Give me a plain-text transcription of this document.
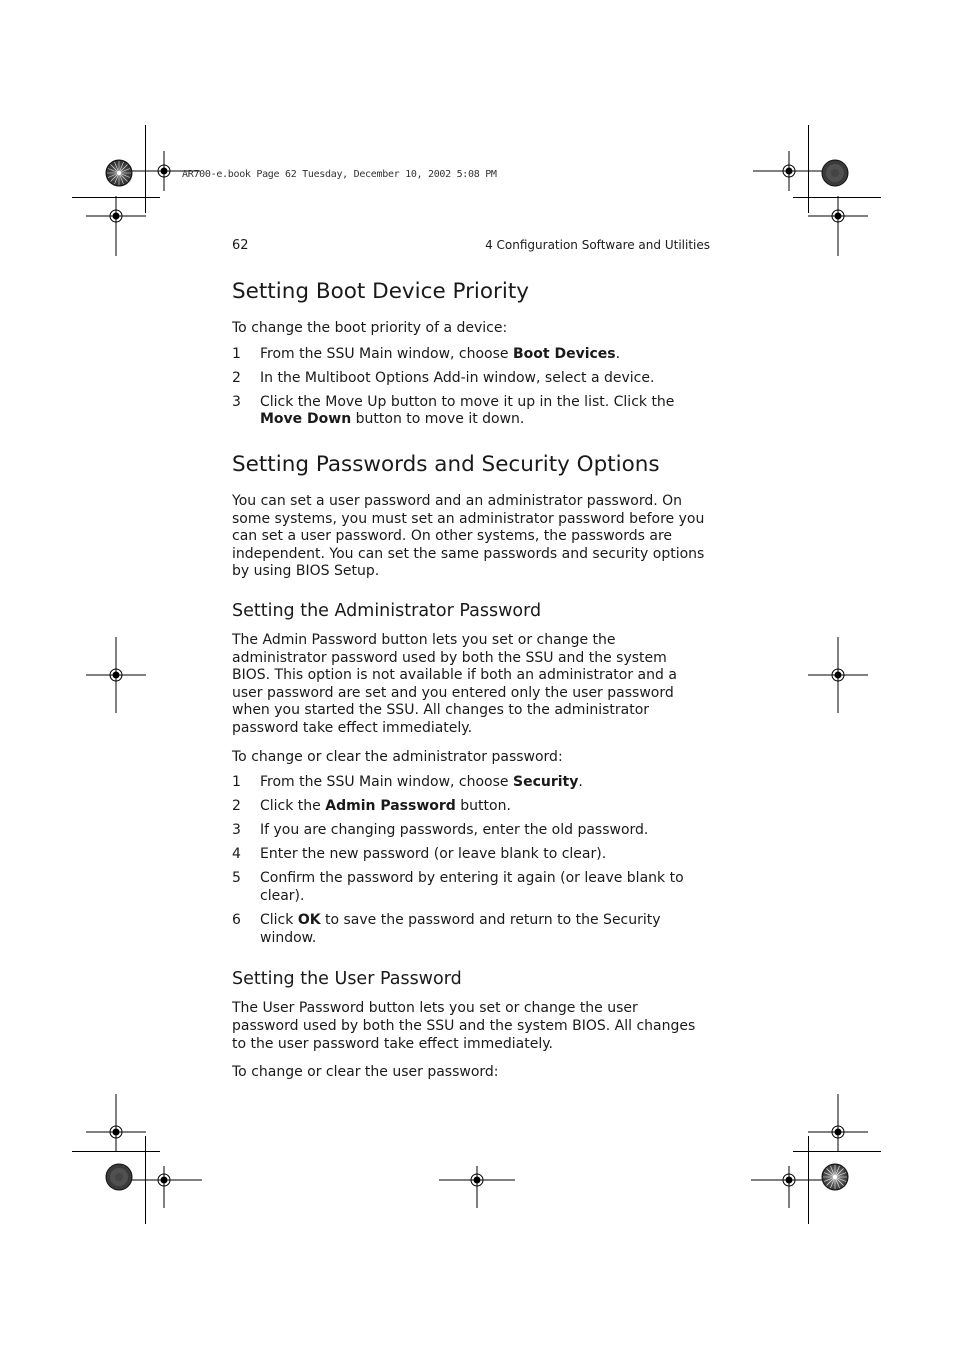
AR700-e.book Page 62 Tuesday, December 10, 2002 5:08 PM
62	4 Configuration Software and Utilities
Setting Boot Device Priority

To change the boot priority of a device:

1 From the SSU Main window, choose Boot Devices.
2 In the Multiboot Options Add-in window, select a device.
3 Click the Move Up button to move it up in the list. Click the Move Down button to move it down.
Setting Passwords and Security Options

You can set a user password and an administrator password. On some systems, you must set an administrator password before you can set a user password. On other systems, the passwords are independent. You can set the same passwords and security options by using BIOS Setup.

Setting the Administrator Password

The Admin Password button lets you set or change the administrator password used by both the SSU and the system BIOS. This option is not available if both an administrator and a user password are set and you entered only the user password when you started the SSU. All changes to the administrator password take effect immediately.

To change or clear the administrator password:

1 From the SSU Main window, choose Security.
2 Click the Admin Password button.
3 If you are changing passwords, enter the old password.
4 Enter the new password (or leave blank to clear).
5 Confirm the password by entering it again (or leave blank to clear).
6 Click OK to save the password and return to the Security window.
Setting the User Password

The User Password button lets you set or change the user password used by both the SSU and the system BIOS. All changes to the user password take effect immediately.

To change or clear the user password:
